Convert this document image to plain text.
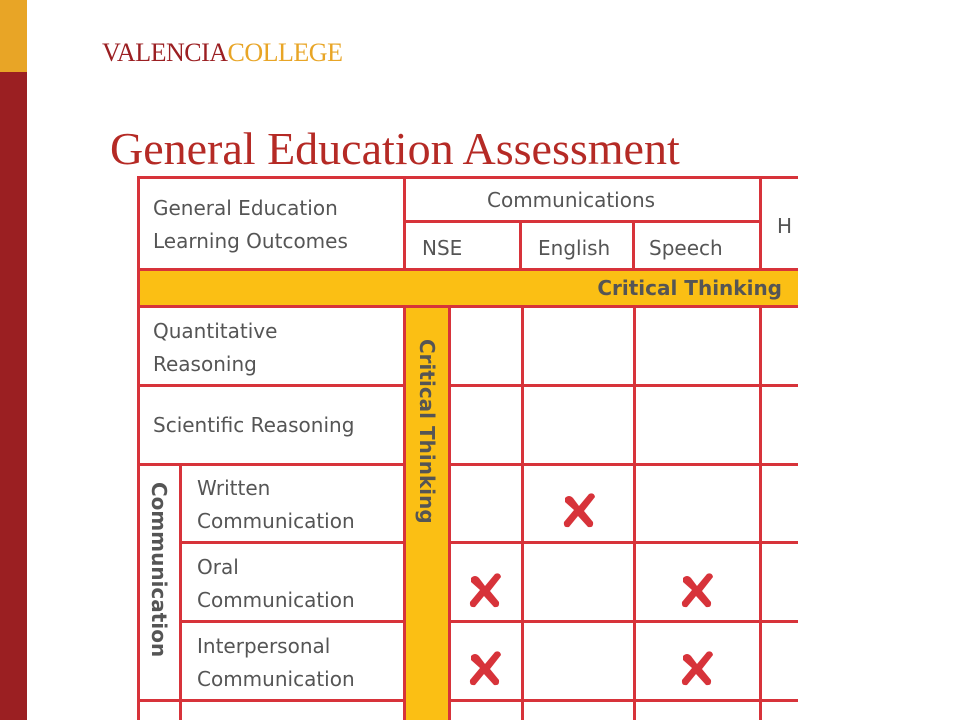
VALENCIACOLLEGE
General Education Assessment
Critical Thinking
Critical Thinking
General Education
Learning Outcomes
Communications
NSE	English Speech
H
Quantitative
Reasoning
Scientific Reasoning
Written
Communication
Oral
Communication
Interpersonal
Communication
Communication
